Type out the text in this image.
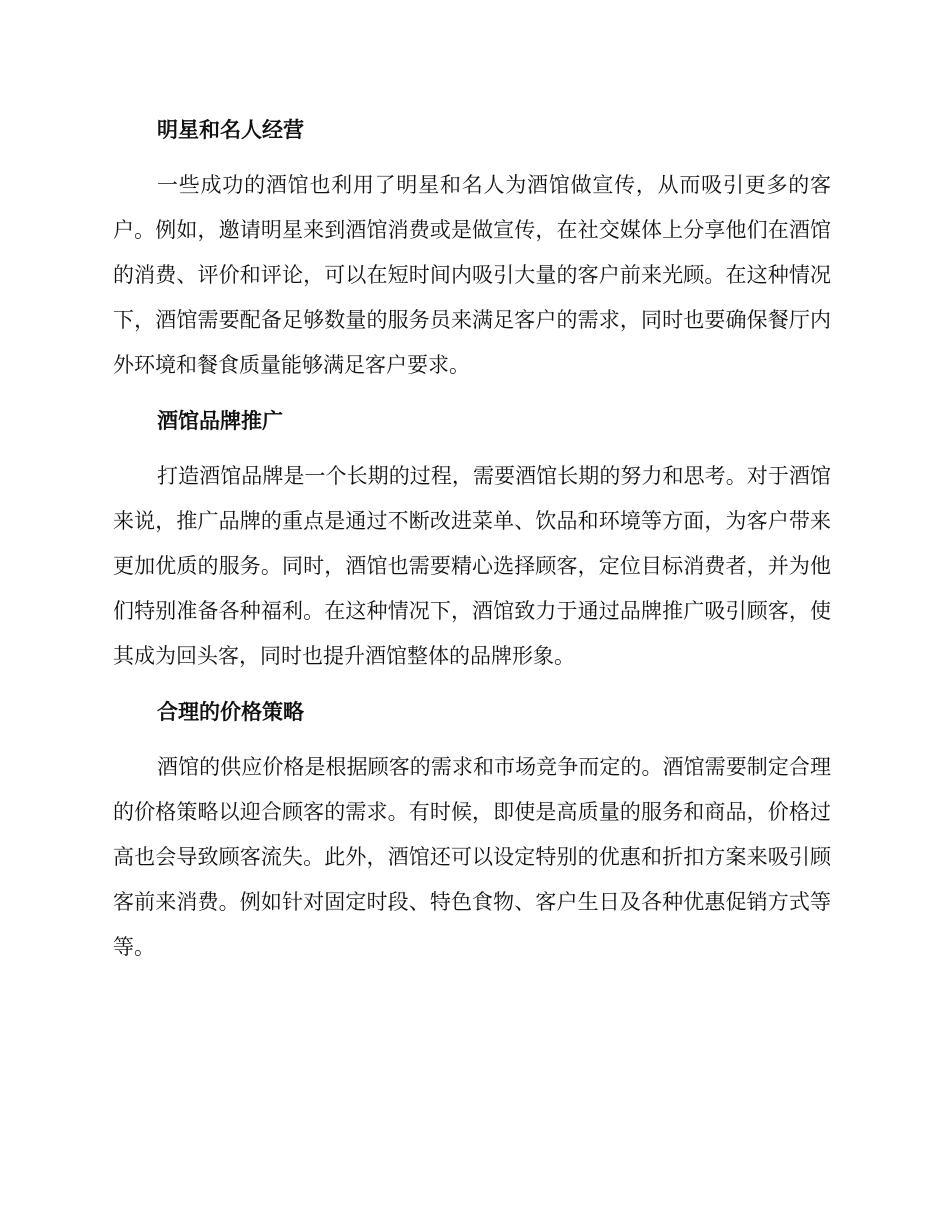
明星和名人经营

一些成功的酒馆也利用了明星和名人为酒馆做宣传，从而吸引更多的客户。例如，邀请明星来到酒馆消费或是做宣传，在社交媒体上分享他们在酒馆的消费、评价和评论，可以在短时间内吸引大量的客户前来光顾。在这种情况下，酒馆需要配备足够数量的服务员来满足客户的需求，同时也要确保餐厅内外环境和餐食质量能够满足客户要求。

酒馆品牌推广

打造酒馆品牌是一个长期的过程，需要酒馆长期的努力和思考。对于酒馆来说，推广品牌的重点是通过不断改进菜单、饮品和环境等方面，为客户带来更加优质的服务。同时，酒馆也需要精心选择顾客，定位目标消费者，并为他们特别准备各种福利。在这种情况下，酒馆致力于通过品牌推广吸引顾客，使其成为回头客，同时也提升酒馆整体的品牌形象。

合理的价格策略

酒馆的供应价格是根据顾客的需求和市场竞争而定的。酒馆需要制定合理的价格策略以迎合顾客的需求。有时候，即使是高质量的服务和商品，价格过高也会导致顾客流失。此外，酒馆还可以设定特别的优惠和折扣方案来吸引顾客前来消费。例如针对固定时段、特色食物、客户生日及各种优惠促销方式等等。
